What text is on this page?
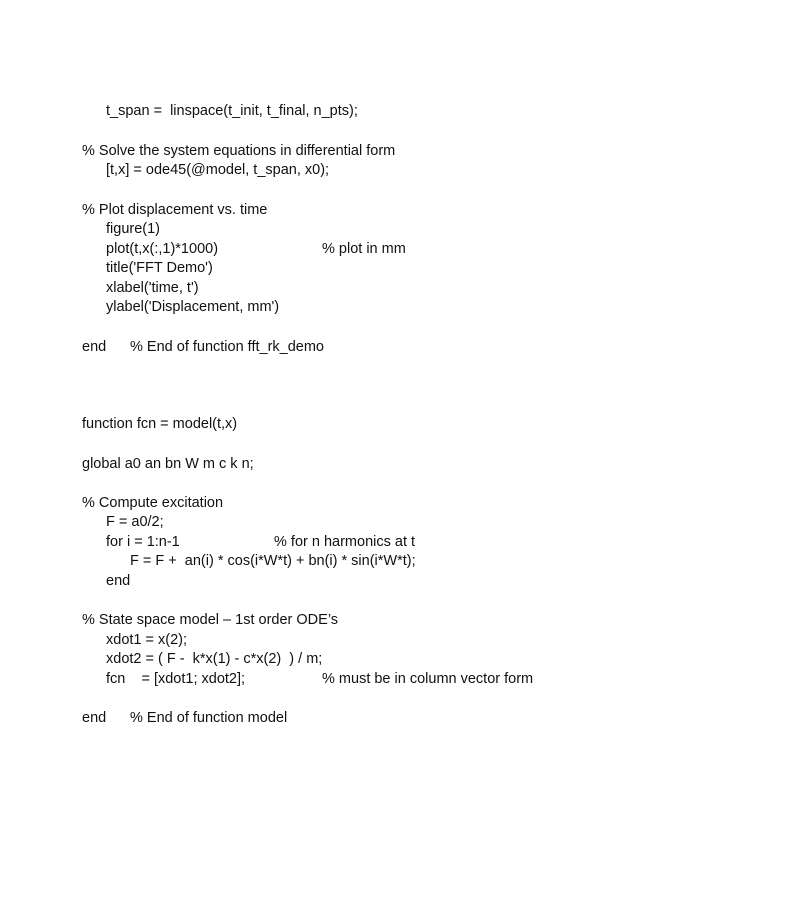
t_span =  linspace(t_init, t_final, n_pts);
% Solve the system equations in differential form
[t,x] = ode45(@model, t_span, x0);
% Plot displacement vs. time
figure(1)
plot(t,x(:,1)*1000)	% plot in mm
title('FFT Demo')
xlabel('time, t')
ylabel('Displacement, mm')
end % End of function fft_rk_demo
function fcn = model(t,x)
global a0 an bn W m c k n;
% Compute excitation
F = a0/2;
for i = 1:n-1	% for n harmonics at t
F = F +  an(i) * cos(i*W*t) + bn(i) * sin(i*W*t);
end
% State space model – 1st order ODE’s
xdot1 = x(2);
xdot2 = ( F -  k*x(1) - c*x(2)  ) / m;
fcn    = [xdot1; xdot2];	% must be in column vector form
end % End of function model
